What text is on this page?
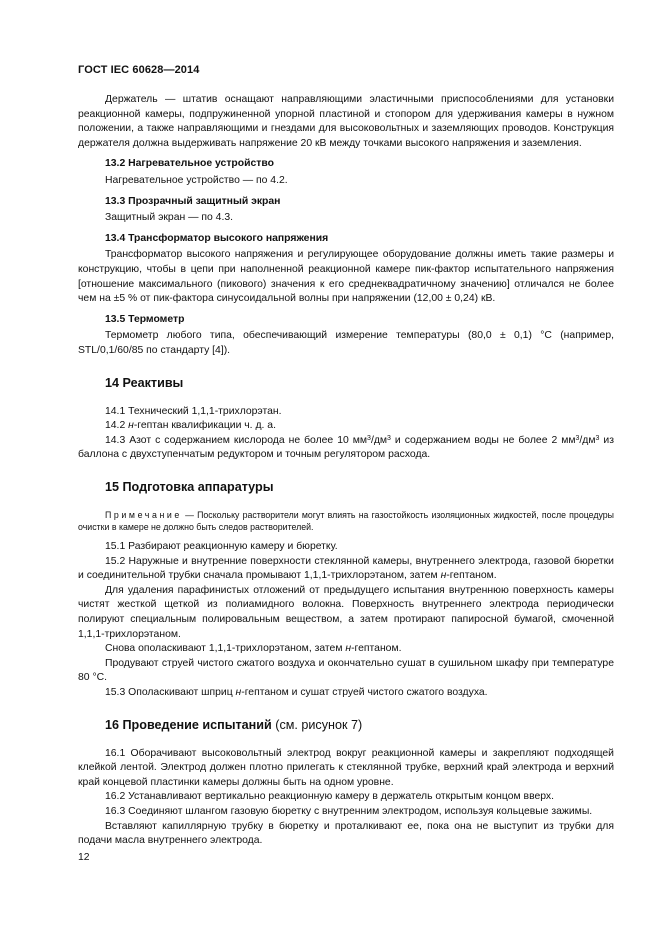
ГОСТ IEC 60628—2014

Держатель — штатив оснащают направляющими эластичными приспособлениями для установки реакционной камеры, подпружиненной упорной пластиной и стопором для удерживания камеры в нужном положении, а также направляющими и гнездами для высоковольтных и заземляющих проводов. Конструкция держателя должна выдерживать напряжение 20 кВ между точками высокого напряжения и заземления.

13.2 Нагревательное устройство

Нагревательное устройство — по 4.2.

13.3 Прозрачный защитный экран

Защитный экран — по 4.3.

13.4 Трансформатор высокого напряжения

Трансформатор высокого напряжения и регулирующее оборудование должны иметь такие размеры и конструкцию, чтобы в цепи при наполненной реакционной камере пик-фактор испытательного напряжения [отношение максимального (пикового) значения к его среднеквадратичному значению] отличался не более чем на ±5 % от пик-фактора синусоидальной волны при напряжении (12,00 ± 0,24) кВ.

13.5 Термометр

Термометр любого типа, обеспечивающий измерение температуры (80,0 ± 0,1) °С (например, STL/0,1/60/85 по стандарту [4]).

14 Реактивы

14.1 Технический 1,1,1-трихлорэтан.

14.2 н-гептан квалификации ч. д. а.

14.3 Азот с содержанием кислорода не более 10 $мм^3/дм^3$ и содержанием воды не более 2 $мм^3/дм^3$ из баллона с двухступенчатым редуктором и точным регулятором расхода.

15 Подготовка аппаратуры

Примечание — Поскольку растворители могут влиять на газостойкость изоляционных жидкостей, после процедуры очистки в камере не должно быть следов растворителей.

15.1 Разбирают реакционную камеру и бюретку.

15.2 Наружные и внутренние поверхности стеклянной камеры, внутреннего электрода, газовой бюретки и соединительной трубки сначала промывают 1,1,1-трихлорэтаном, затем н-гептаном.

Для удаления парафинистых отложений от предыдущего испытания внутреннюю поверхность камеры чистят жесткой щеткой из полиамидного волокна. Поверхность внутреннего электрода периодически полируют специальным полировальным веществом, а затем протирают папиросной бумагой, смоченной 1,1,1-трихлорэтаном.

Снова ополаскивают 1,1,1-трихлорэтаном, затем н-гептаном.

Продувают струей чистого сжатого воздуха и окончательно сушат в сушильном шкафу при температуре 80 °С.

15.3 Ополаскивают шприц н-гептаном и сушат струей чистого сжатого воздуха.

16 Проведение испытаний (см. рисунок 7)

16.1 Оборачивают высоковольтный электрод вокруг реакционной камеры и закрепляют подходящей клейкой лентой. Электрод должен плотно прилегать к стеклянной трубке, верхний край электрода и верхний край концевой пластинки камеры должны быть на одном уровне.

16.2 Устанавливают вертикально реакционную камеру в держатель открытым концом вверх.

16.3 Соединяют шлангом газовую бюретку с внутренним электродом, используя кольцевые зажимы.

Вставляют капиллярную трубку в бюретку и проталкивают ее, пока она не выступит из трубки для подачи масла внутреннего электрода.

12
